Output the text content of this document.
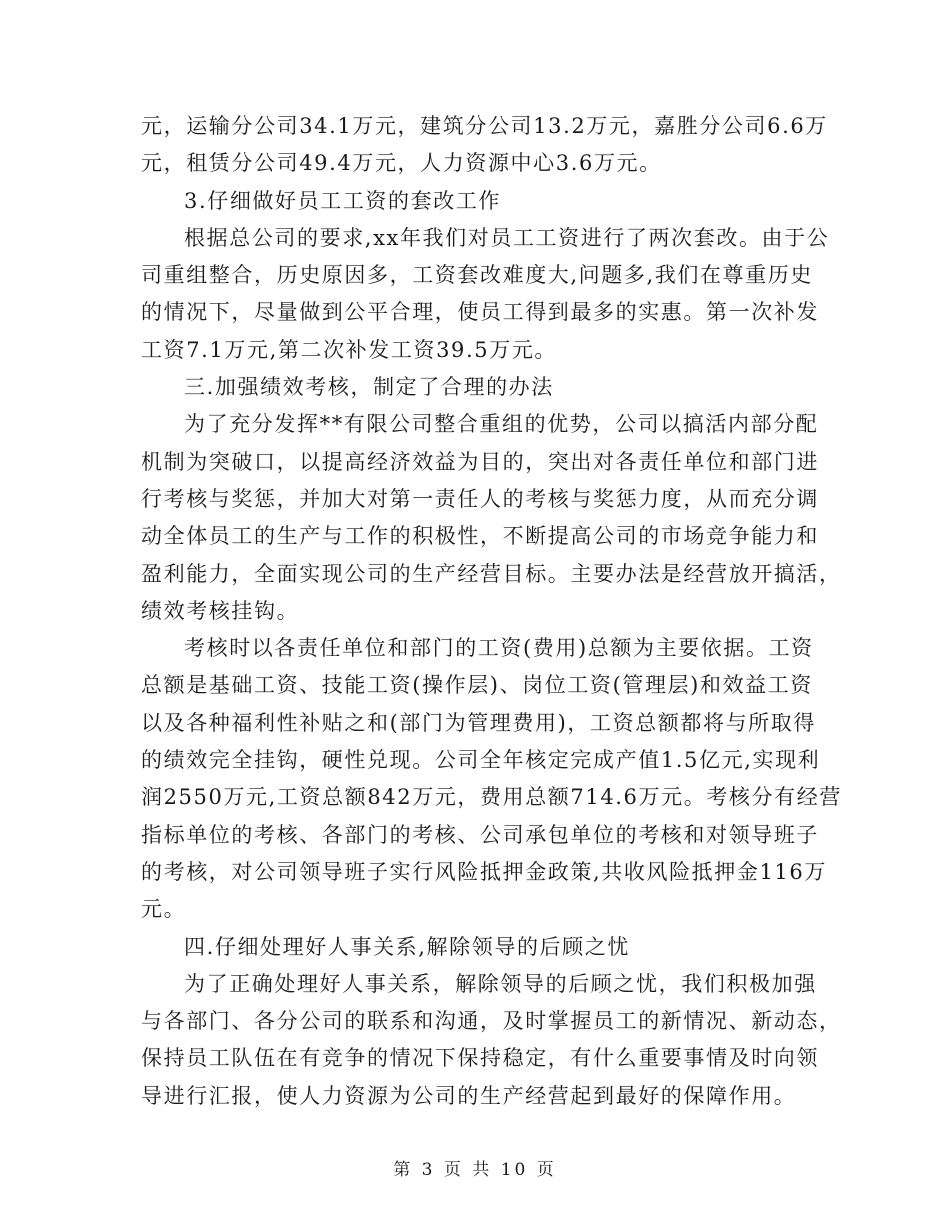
元，运输分公司34.1万元，建筑分公司13.2万元，嘉胜分公司6.6万
元，租赁分公司49.4万元，人力资源中心3.6万元。
3.仔细做好员工工资的套改工作
根据总公司的要求,xx年我们对员工工资进行了两次套改。由于公
司重组整合，历史原因多，工资套改难度大,问题多,我们在尊重历史
的情况下，尽量做到公平合理，使员工得到最多的实惠。第一次补发
工资7.1万元,第二次补发工资39.5万元。
三.加强绩效考核，制定了合理的办法
为了充分发挥**有限公司整合重组的优势，公司以搞活内部分配
机制为突破口，以提高经济效益为目的，突出对各责任单位和部门进
行考核与奖惩，并加大对第一责任人的考核与奖惩力度，从而充分调
动全体员工的生产与工作的积极性，不断提高公司的市场竞争能力和
盈利能力，全面实现公司的生产经营目标。主要办法是经营放开搞活，
绩效考核挂钩。
考核时以各责任单位和部门的工资(费用)总额为主要依据。工资
总额是基础工资、技能工资(操作层)、岗位工资(管理层)和效益工资
以及各种福利性补贴之和(部门为管理费用)，工资总额都将与所取得
的绩效完全挂钩，硬性兑现。公司全年核定完成产值1.5亿元,实现利
润2550万元,工资总额842万元，费用总额714.6万元。考核分有经营
指标单位的考核、各部门的考核、公司承包单位的考核和对领导班子
的考核，对公司领导班子实行风险抵押金政策,共收风险抵押金116万
元。
四.仔细处理好人事关系,解除领导的后顾之忧
为了正确处理好人事关系，解除领导的后顾之忧，我们积极加强
与各部门、各分公司的联系和沟通，及时掌握员工的新情况、新动态，
保持员工队伍在有竞争的情况下保持稳定，有什么重要事情及时向领
导进行汇报，使人力资源为公司的生产经营起到最好的保障作用。
第 3 页 共 10 页
